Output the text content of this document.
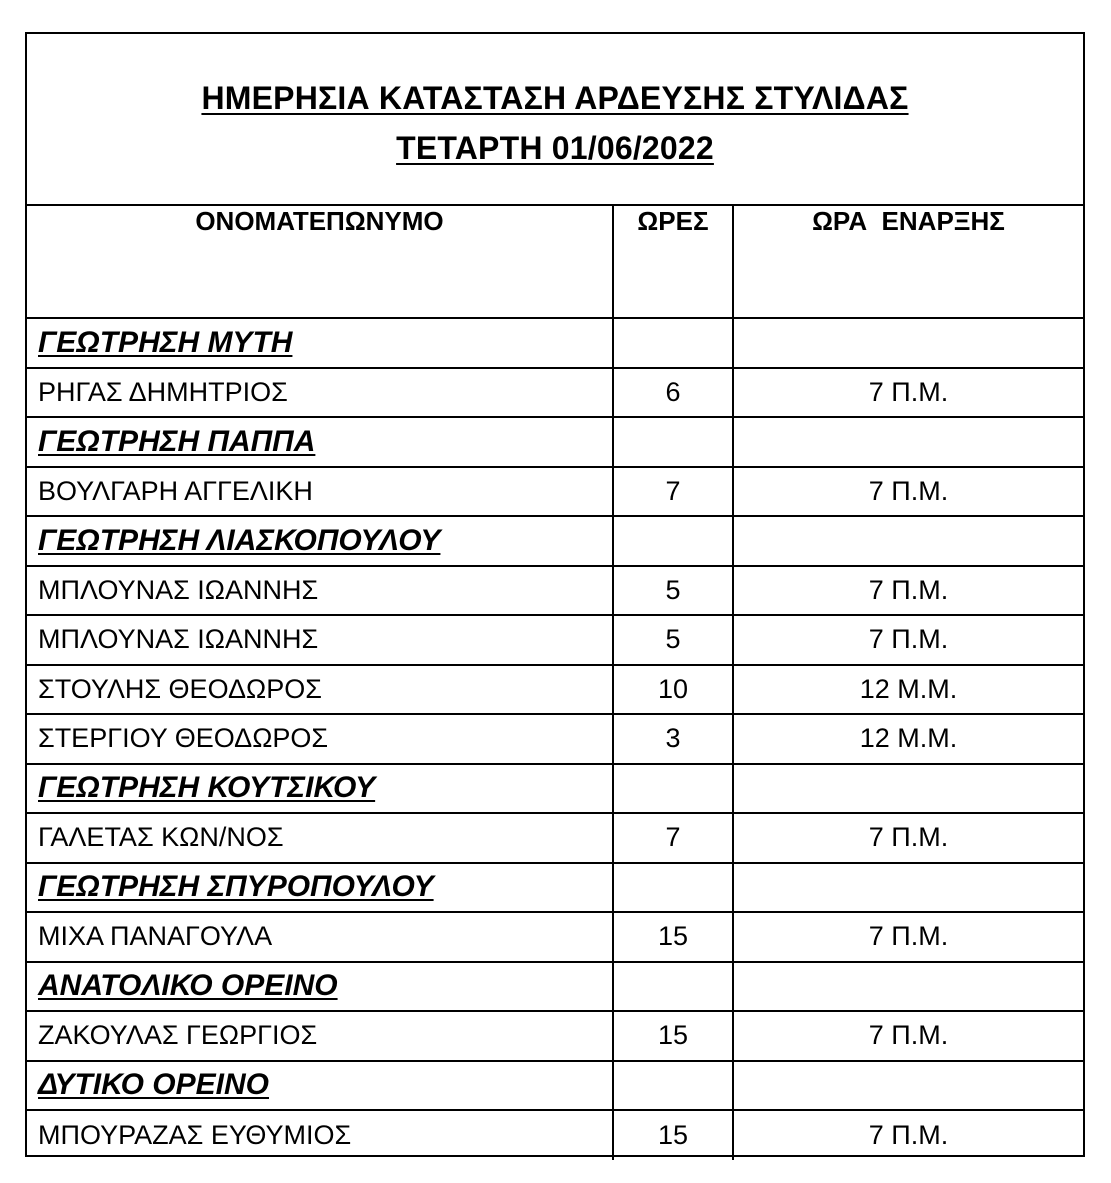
ΗΜΕΡΗΣΙΑ ΚΑΤΑΣΤΑΣΗ ΑΡΔΕΥΣΗΣ ΣΤΥΛΙΔΑΣ
ΤΕΤΑΡΤΗ 01/06/2022
ΟΝΟΜΑΤΕΠΩΝΥΜΟ	ΩΡΕΣ	ΩΡΑ  ΕΝΑΡΞΗΣ
ΓΕΩΤΡΗΣΗ ΜΥΤΗ		
ΡΗΓΑΣ ΔΗΜΗΤΡΙΟΣ	6	7 Π.Μ.
ΓΕΩΤΡΗΣΗ ΠΑΠΠΑ		
ΒΟΥΛΓΑΡΗ ΑΓΓΕΛΙΚΗ	7	7 Π.Μ.
ΓΕΩΤΡΗΣΗ ΛΙΑΣΚΟΠΟΥΛΟΥ		
ΜΠΛΟΥΝΑΣ ΙΩΑΝΝΗΣ	5	7 Π.Μ.
ΜΠΛΟΥΝΑΣ ΙΩΑΝΝΗΣ	5	7 Π.Μ.
ΣΤΟΥΛΗΣ ΘΕΟΔΩΡΟΣ	10	12 Μ.Μ.
ΣΤΕΡΓΙΟΥ ΘΕΟΔΩΡΟΣ	3	12 Μ.Μ.
ΓΕΩΤΡΗΣΗ ΚΟΥΤΣΙΚΟΥ		
ΓΑΛΕΤΑΣ ΚΩΝ/ΝΟΣ	7	7 Π.Μ.
ΓΕΩΤΡΗΣΗ ΣΠΥΡΟΠΟΥΛΟΥ		
ΜΙΧΑ ΠΑΝΑΓΟΥΛΑ	15	7 Π.Μ.
ΑΝΑΤΟΛΙΚΟ ΟΡΕΙΝΟ		
ΖΑΚΟΥΛΑΣ ΓΕΩΡΓΙΟΣ	15	7 Π.Μ.
ΔΥΤΙΚΟ ΟΡΕΙΝΟ		
ΜΠΟΥΡΑΖΑΣ ΕΥΘΥΜΙΟΣ	15	7 Π.Μ.
